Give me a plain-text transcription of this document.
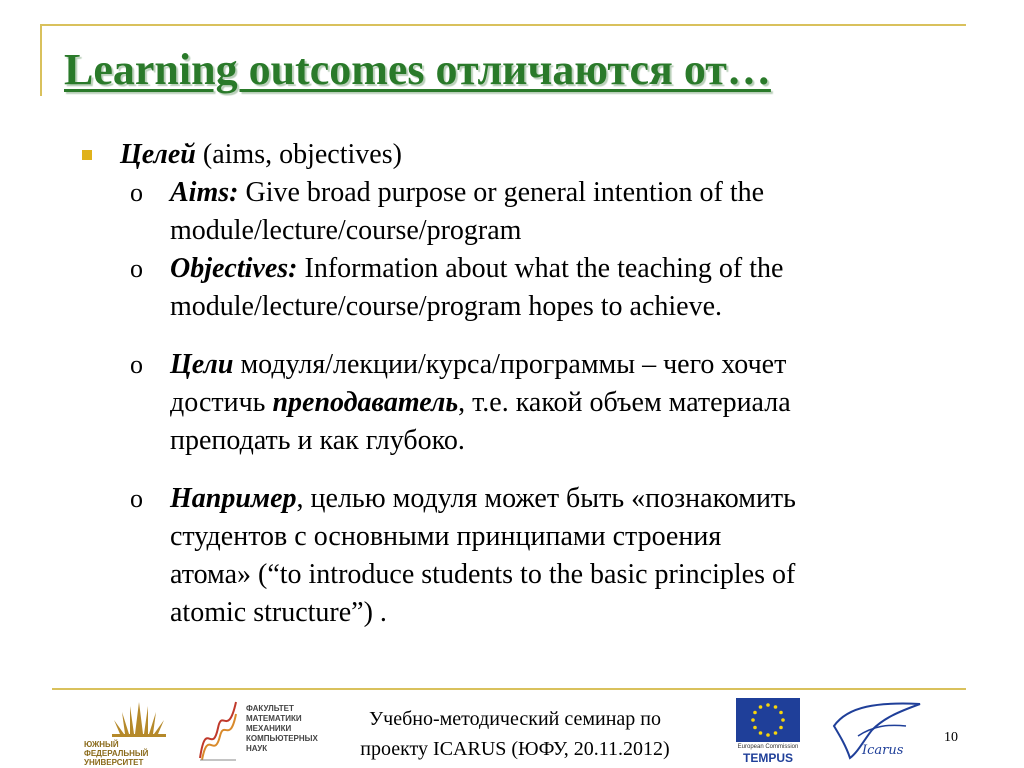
Learning outcomes отличаются от…
Целей (aims, objectives)
o Aims: Give broad purpose or general intention of the
module/lecture/course/program
o Objectives: Information about what the teaching of the
module/lecture/course/program hopes to achieve.
o Цели модуля/лекции/курса/программы – чего хочет
достичь преподаватель, т.е. какой объем материала
преподать и как глубоко.
o Например, целью модуля может быть «познакомить
студентов с основными принципами строения
атома» (“to introduce students to the basic principles of
atomic structure”) .
ЮЖНЫЙ
ФЕДЕРАЛЬНЫЙ
УНИВЕРСИТЕТ
ФАКУЛЬТЕТ
МАТЕМАТИКИ
МЕХАНИКИ
КОМПЬЮТЕРНЫХ
НАУК
Учебно-методический семинар по
проекту ICARUS (ЮФУ, 20.11.2012)	European Commission
TEMPUS	Icarus
10
